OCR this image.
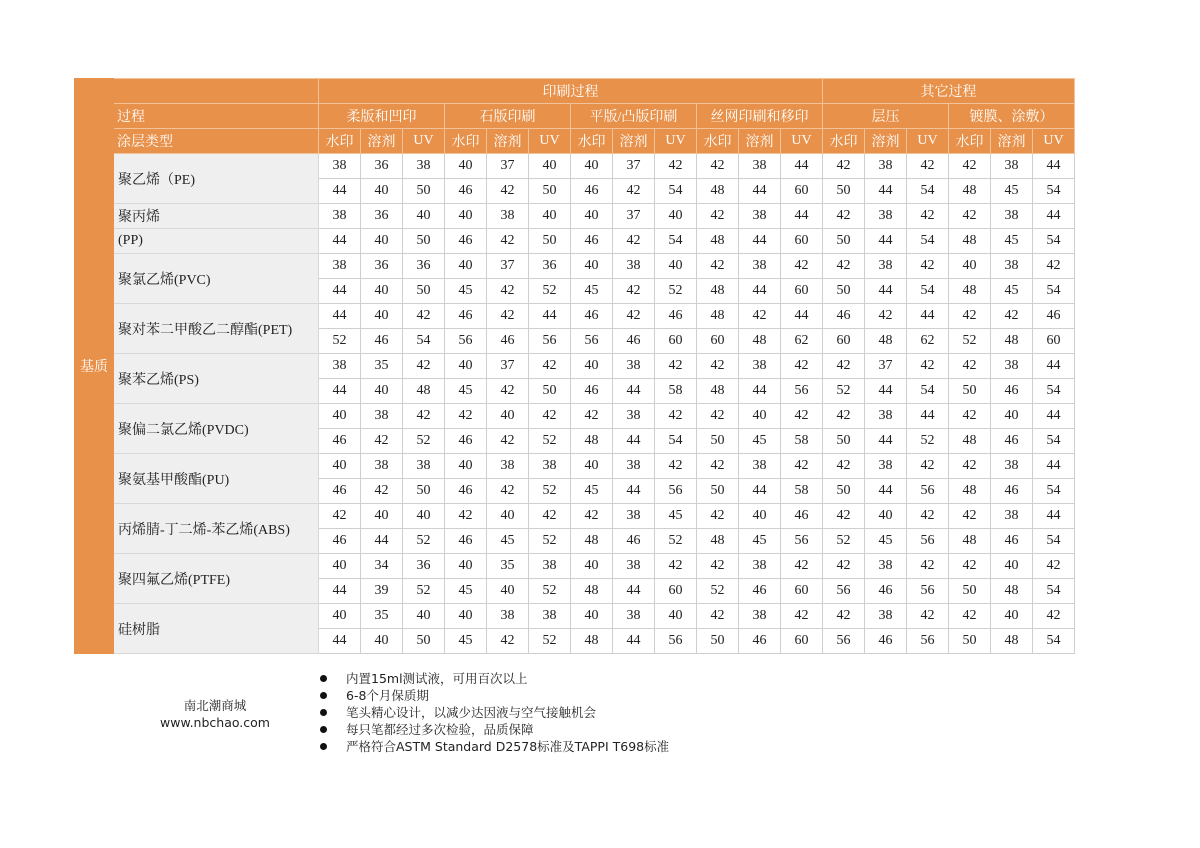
基质		印刷过程												其它过程					
	过程	柔版和凹印			石版印刷			平版/凸版印刷			丝网印刷和移印			层压			镀膜、涂敷）		
	涂层类型	水印	溶剂	UV	水印	溶剂	UV	水印	溶剂	UV	水印	溶剂	UV	水印	溶剂	UV	水印	溶剂	UV
	聚乙烯（PE)	38	36	38	40	37	40	40	37	42	42	38	44	42	38	42	42	38	44
		44	40	50	46	42	50	46	42	54	48	44	60	50	44	54	48	45	54
	聚丙烯	38	36	40	40	38	40	40	37	40	42	38	44	42	38	42	42	38	44
	(PP)	44	40	50	46	42	50	46	42	54	48	44	60	50	44	54	48	45	54
	聚氯乙烯(PVC)	38	36	36	40	37	36	40	38	40	42	38	42	42	38	42	40	38	42
		44	40	50	45	42	52	45	42	52	48	44	60	50	44	54	48	45	54
	聚对苯二甲酸乙二醇酯(PET)	44	40	42	46	42	44	46	42	46	48	42	44	46	42	44	42	42	46
		52	46	54	56	46	56	56	46	60	60	48	62	60	48	62	52	48	60
	聚苯乙烯(PS)	38	35	42	40	37	42	40	38	42	42	38	42	42	37	42	42	38	44
		44	40	48	45	42	50	46	44	58	48	44	56	52	44	54	50	46	54
	聚偏二氯乙烯(PVDC)	40	38	42	42	40	42	42	38	42	42	40	42	42	38	44	42	40	44
		46	42	52	46	42	52	48	44	54	50	45	58	50	44	52	48	46	54
	聚氨基甲酸酯(PU)	40	38	38	40	38	38	40	38	42	42	38	42	42	38	42	42	38	44
		46	42	50	46	42	52	45	44	56	50	44	58	50	44	56	48	46	54
	丙烯腈-丁二烯-苯乙烯(ABS)	42	40	40	42	40	42	42	38	45	42	40	46	42	40	42	42	38	44
		46	44	52	46	45	52	48	46	52	48	45	56	52	45	56	48	46	54
	聚四氟乙烯(PTFE)	40	34	36	40	35	38	40	38	42	42	38	42	42	38	42	42	40	42
		44	39	52	45	40	52	48	44	60	52	46	60	56	46	56	50	48	54
	硅树脂	40	35	40	40	38	38	40	38	40	42	38	42	42	38	42	42	40	42
		44	40	50	45	42	52	48	44	56	50	46	60	56	46	56	50	48	54
南北潮商城
www.nbchao.com
内置15ml测试液，可用百次以上
6-8个月保质期
笔头精心设计，以减少达因液与空气接触机会
每只笔都经过多次检验，品质保障
严格符合ASTM Standard D2578标准及TAPPI T698标准
